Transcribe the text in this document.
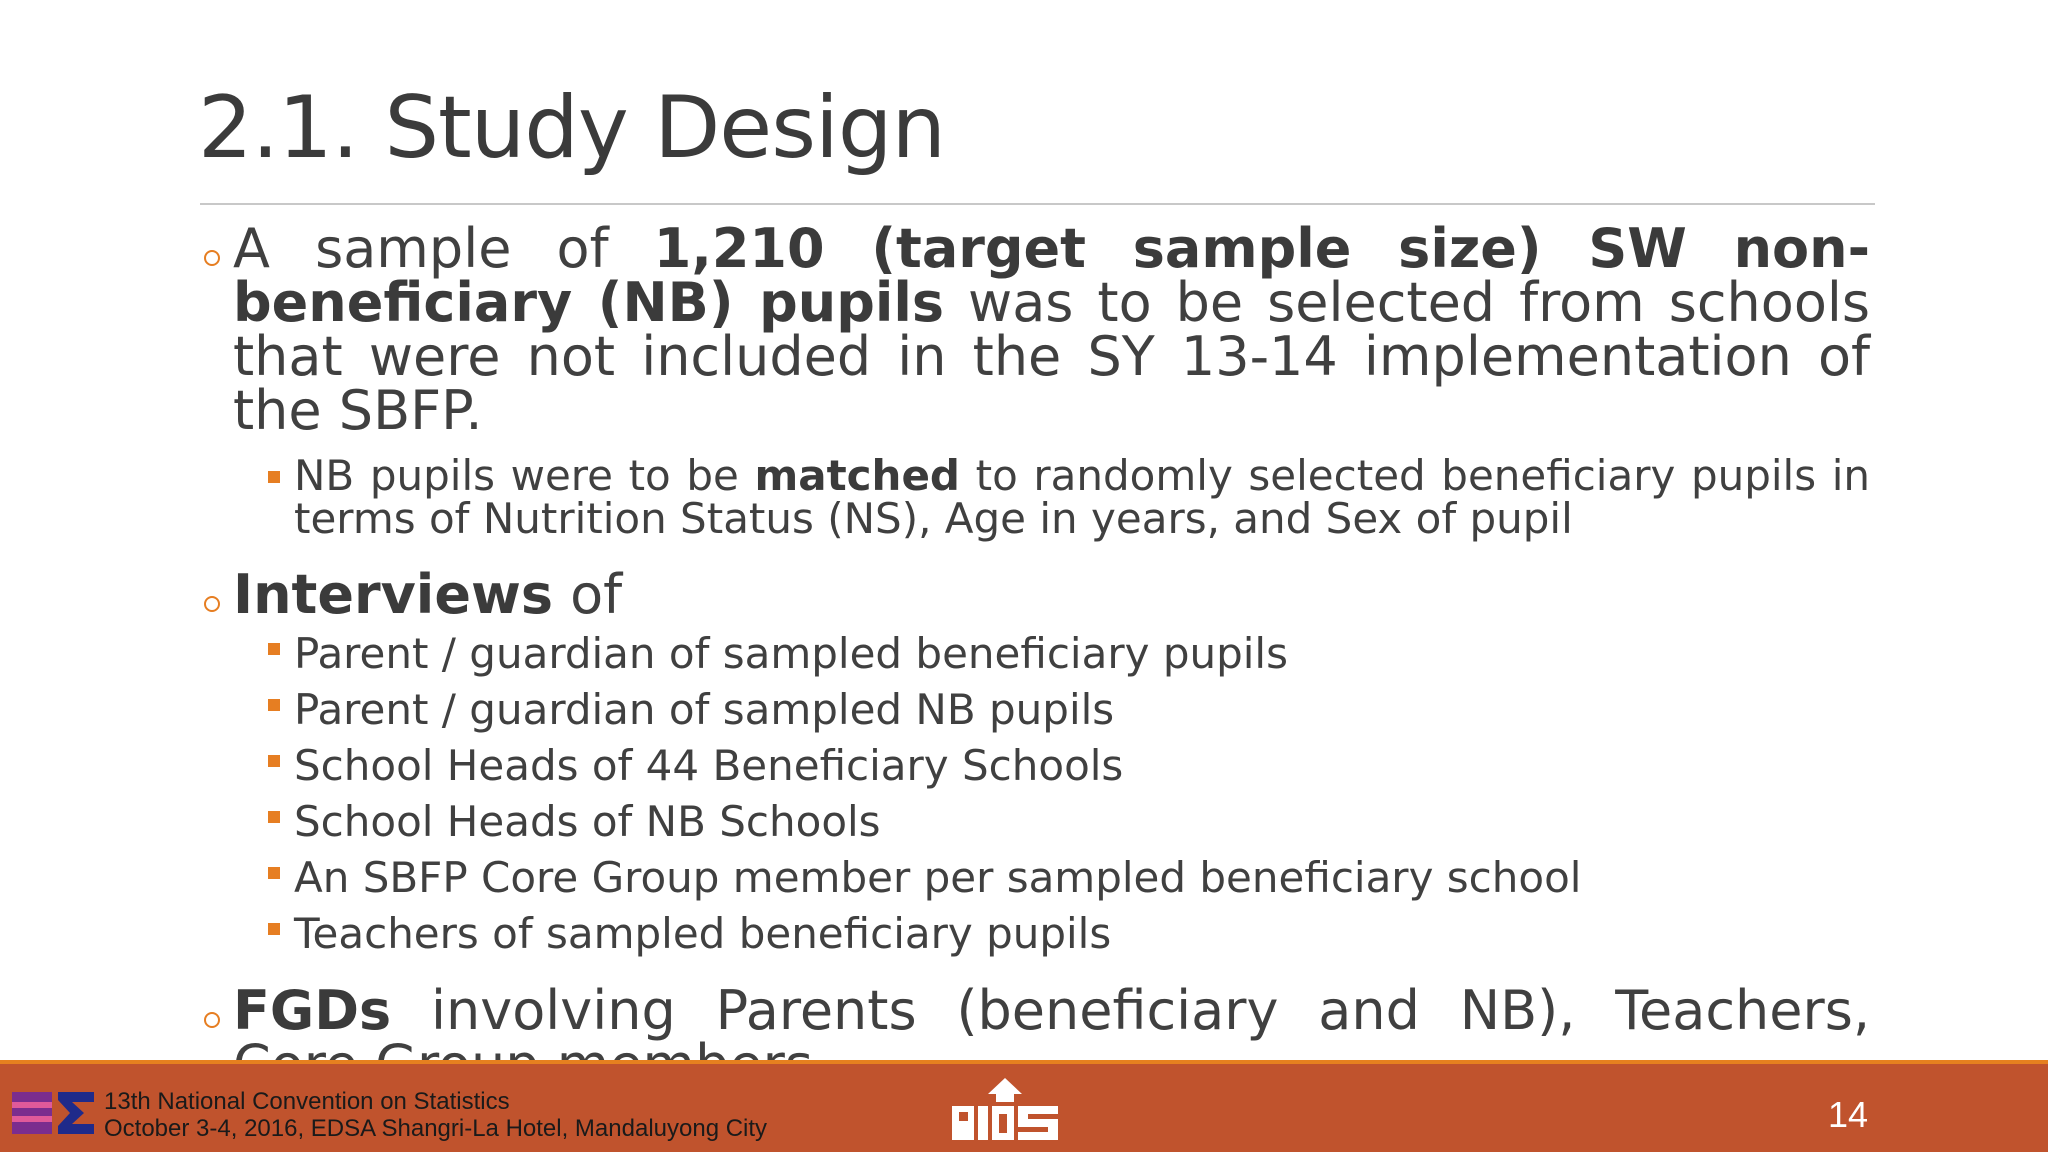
2.1. Study Design
A sample of 1,210 (target sample size) SW non-beneficiary (NB) pupils was to be selected from schools that were not included in the SY 13-14 implementation of the SBFP.
NB pupils were to be matched to randomly selected beneficiary pupils in terms of Nutrition Status (NS), Age in years, and Sex of pupil
Interviews of
Parent / guardian of sampled beneficiary pupils
Parent / guardian of sampled NB pupils
School Heads of 44 Beneficiary Schools
School Heads of NB Schools
An SBFP Core Group member per sampled beneficiary school
Teachers of sampled beneficiary pupils
FGDs involving Parents (beneficiary and NB), Teachers,
13th National Convention on Statistics
October 3-4, 2016, EDSA Shangri-La Hotel, Mandaluyong City	14
